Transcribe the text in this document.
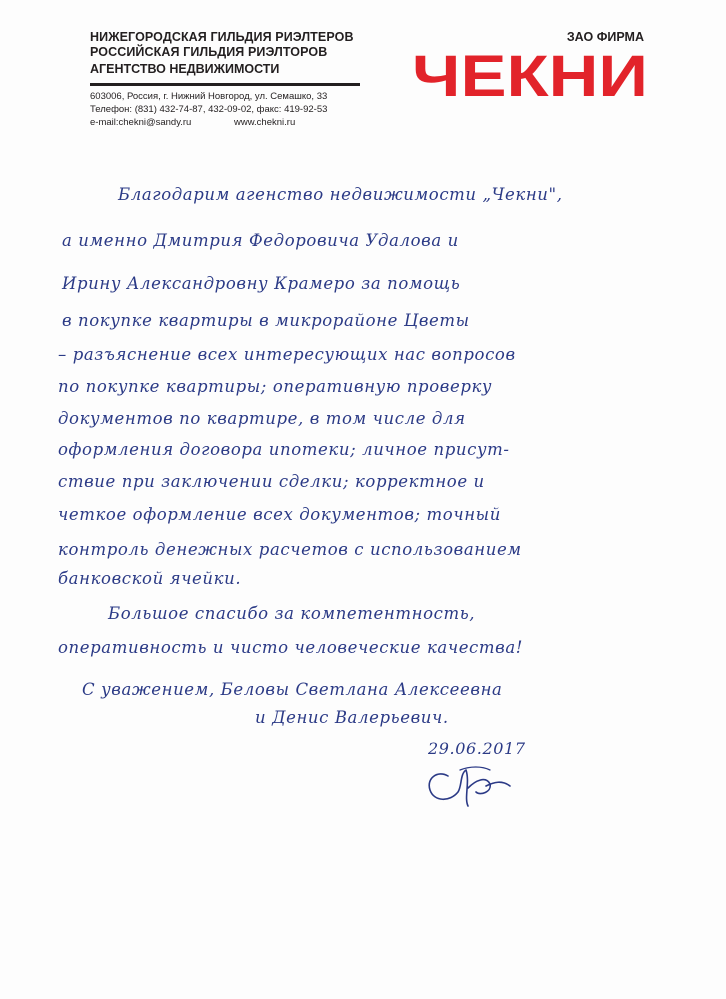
НИЖЕГОРОДСКАЯ ГИЛЬДИЯ РИЭЛТЕРОВ
РОССИЙСКАЯ ГИЛЬДИЯ РИЭЛТОРОВ
АГЕНТСТВО НЕДВИЖИМОСТИ
603006, Россия, г. Нижний Новгород, ул. Семашко, 33
Телефон: (831) 432-74-87, 432-09-02, факс: 419-92-53
e-mail:chekni@sandy.ru	www.chekni.ru
ЗАО ФИРМА
ЧЕКНИ
Благодарим агенство недвижимости „Чекни",
а именно Дмитрия Федоровича Удалова и
Ирину Александровну Крамеро за помощь
в покупке квартиры в микрорайоне Цветы
– разъяснение всех интересующих нас вопросов
по покупке квартиры; оперативную проверку
документов по квартире, в том числе для
оформления договора ипотеки; личное присут-
ствие при заключении сделки; корректное и
четкое оформление всех документов; точный
контроль денежных расчетов с использованием
банковской ячейки.
Большое спасибо за компетентность,
оперативность и чисто человеческие качества!
С уважением, Беловы Светлана Алексеевна
и Денис Валерьевич.
29.06.2017
